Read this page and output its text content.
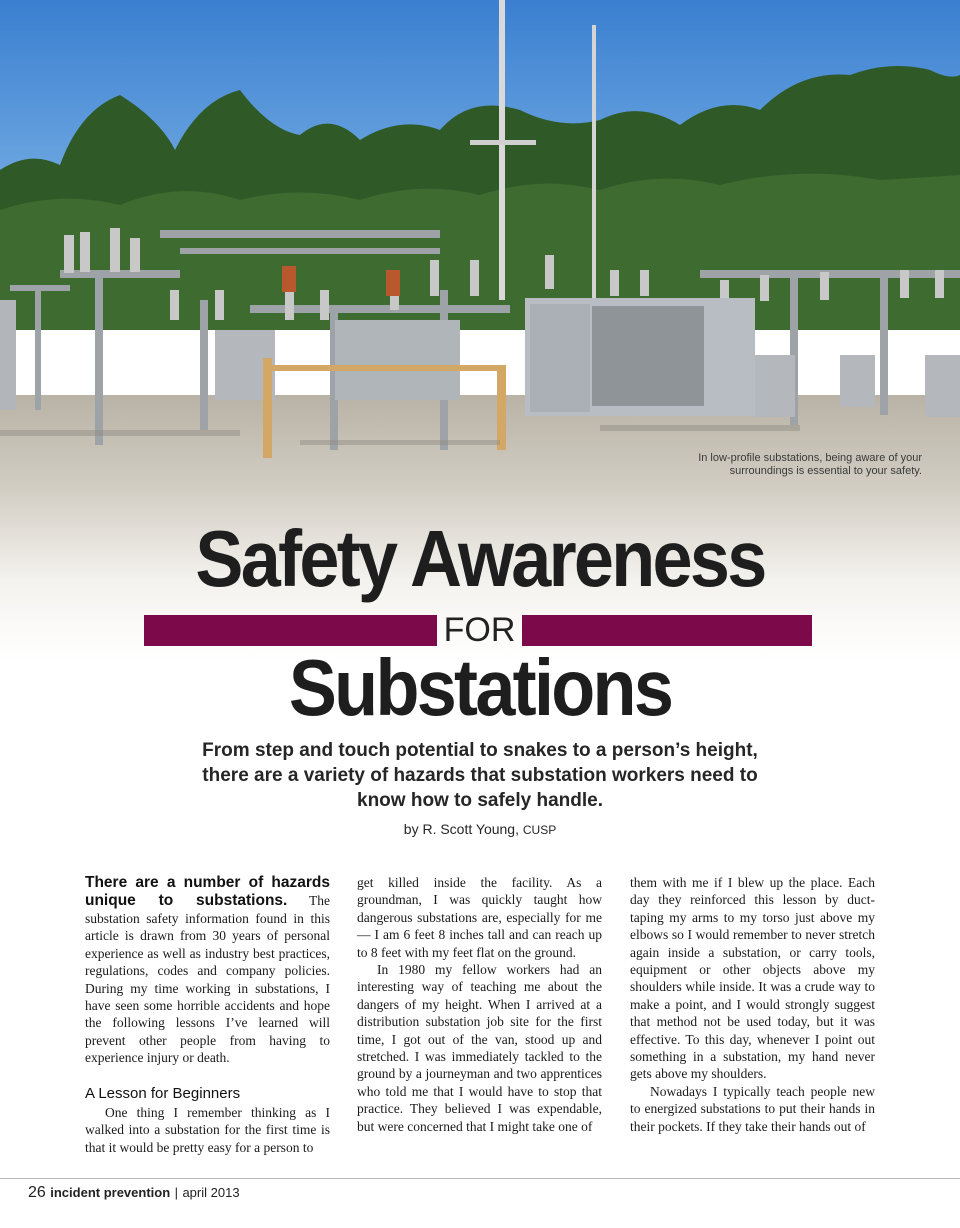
In low-profile substations, being aware of your surroundings is essential to your safety.
Safety Awareness
FOR
Substations
From step and touch potential to snakes to a person’s height, there are a variety of hazards that substation workers need to know how to safely handle.
by R. Scott Young, CUSP

There are a number of hazards unique to substations. The substation safety information found in this article is drawn from 30 years of personal experience as well as industry best practices, regulations, codes and company policies. During my time working in substations, I have seen some horrible accidents and hope the following lessons I’ve learned will prevent other people from having to experience injury or death.

A Lesson for Beginners

One thing I remember thinking as I walked into a substation for the first time is that it would be pretty easy for a person to

get killed inside the facility. As a groundman, I was quickly taught how dangerous substations are, especially for me — I am 6 feet 8 inches tall and can reach up to 8 feet with my feet flat on the ground.

In 1980 my fellow workers had an interesting way of teaching me about the dangers of my height. When I arrived at a distribution substation job site for the first time, I got out of the van, stood up and stretched. I was immediately tackled to the ground by a journeyman and two apprentices who told me that I would have to stop that practice. They believed I was expendable, but were concerned that I might take one of

them with me if I blew up the place. Each day they reinforced this lesson by duct-taping my arms to my torso just above my elbows so I would remember to never stretch again inside a substation, or carry tools, equipment or other objects above my shoulders while inside. It was a crude way to make a point, and I would strongly suggest that method not be used today, but it was effective. To this day, whenever I point out something in a substation, my hand never gets above my shoulders.

Nowadays I typically teach people new to energized substations to put their hands in their pockets. If they take their hands out of

26 incident prevention | april 2013
